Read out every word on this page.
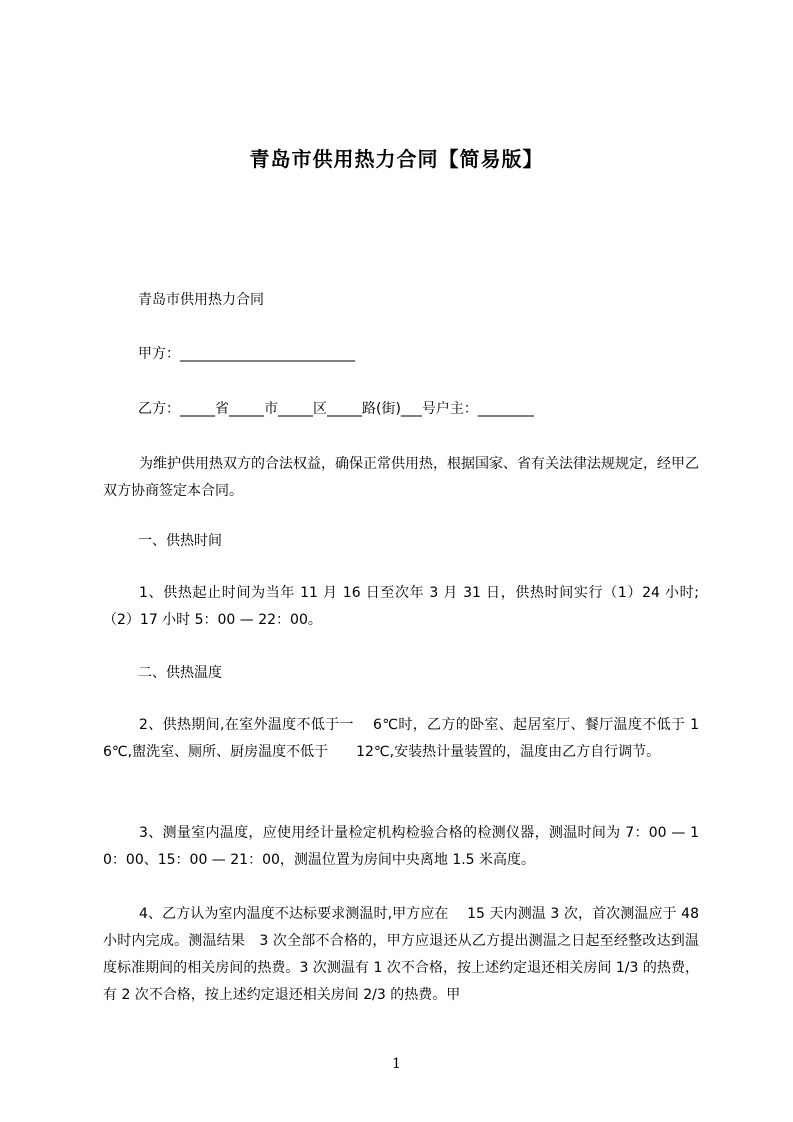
青岛市供用热力合同【简易版】
青岛市供用热力合同
甲方：_________________________
乙方：_____省_____市_____区_____路(街)___号户主：________
为维护供用热双方的合法权益，确保正常供用热，根据国家、省有关法律法规规定，经甲乙双方协商签定本合同。
一、供热时间
1、供热起止时间为当年 11 月 16 日至次年 3 月 31 日，供热时间实行（1）24 小时;（2）17 小时 5：00 — 22：00。
二、供热温度
2、供热期间,在室外温度不低于一　 6℃时，乙方的卧室、起居室厅、餐厅温度不低于 16℃,盥洗室、厕所、厨房温度不低于　　12℃,安装热计量装置的，温度由乙方自行调节。
3、测量室内温度，应使用经计量检定机构检验合格的检测仪器，测温时间为 7：00 — 10：00、15：00 — 21：00，测温位置为房间中央离地 1.5 米高度。
4、乙方认为室内温度不达标要求测温时,甲方应在　 15 天内测温 3 次，首次测温应于 48 小时内完成。测温结果　3 次全部不合格的，甲方应退还从乙方提出测温之日起至经整改达到温度标准期间的相关房间的热费。3 次测温有 1 次不合格，按上述约定退还相关房间 1/3 的热费，有 2 次不合格，按上述约定退还相关房间 2/3 的热费。甲
1
